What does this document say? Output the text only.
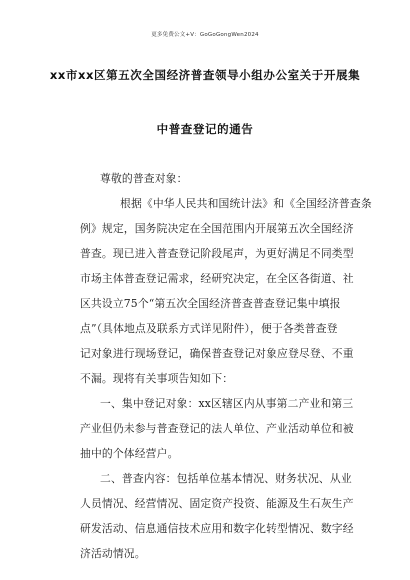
更多免费公文+V：GoGoGongWen2024
xx市xx区第五次全国经济普查领导小组办公室关于开展集
中普查登记的通告

尊敬的普查对象：

根据《中华人民共和国统计法》和《全国经济普查条

例》规定，国务院决定在全国范围内开展第五次全国经济

普查。现已进入普查登记阶段尾声，为更好满足不同类型

市场主体普查登记需求，经研究决定，在全区各街道、社

区共设立75个“第五次全国经济普查普查登记集中填报

点”（具体地点及联系方式详见附件），便于各类普查登

记对象进行现场登记，确保普查登记对象应登尽登、不重

不漏。现将有关事项告知如下：

一、集中登记对象：xx区辖区内从事第二产业和第三

产业但仍未参与普查登记的法人单位、产业活动单位和被

抽中的个体经营户。

二、普查内容：包括单位基本情况、财务状况、从业

人员情况、经营情况、固定资产投资、能源及生石灰生产

研发活动、信息通信技术应用和数字化转型情况、数字经

济活动情况。
